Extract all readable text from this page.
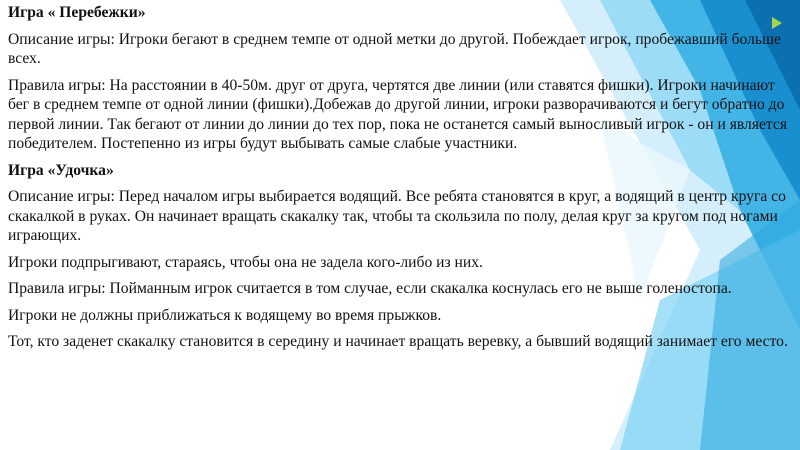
Игра « Перебежки»

Описание игры: Игроки бегают в среднем темпе от одной метки до другой. Побеждает игрок, пробежавший больше всех.

Правила игры: На расстоянии в 40-50м. друг от друга, чертятся две линии (или ставятся фишки). Игроки начинают бег в среднем темпе от одной линии (фишки).Добежав до другой линии, игроки разворачиваются и бегут обратно до первой линии. Так бегают от линии до линии до тех пор, пока не останется самый выносливый игрок - он и является победителем. Постепенно из игры будут выбывать самые слабые участники.

Игра «Удочка»

Описание игры: Перед началом игры выбирается водящий. Все ребята становятся в круг, а водящий в центр круга со скакалкой в руках. Он начинает вращать скакалку так, чтобы та скользила по полу, делая круг за кругом под ногами играющих.

Игроки подпрыгивают, стараясь, чтобы она не задела кого-либо из них.

Правила игры: Пойманным игрок считается в том случае, если скакалка коснулась его не выше голеностопа.

Игроки не должны приближаться к водящему во время прыжков.

Тот, кто заденет скакалку становится в середину и начинает вращать веревку, а бывший водящий занимает его место.
